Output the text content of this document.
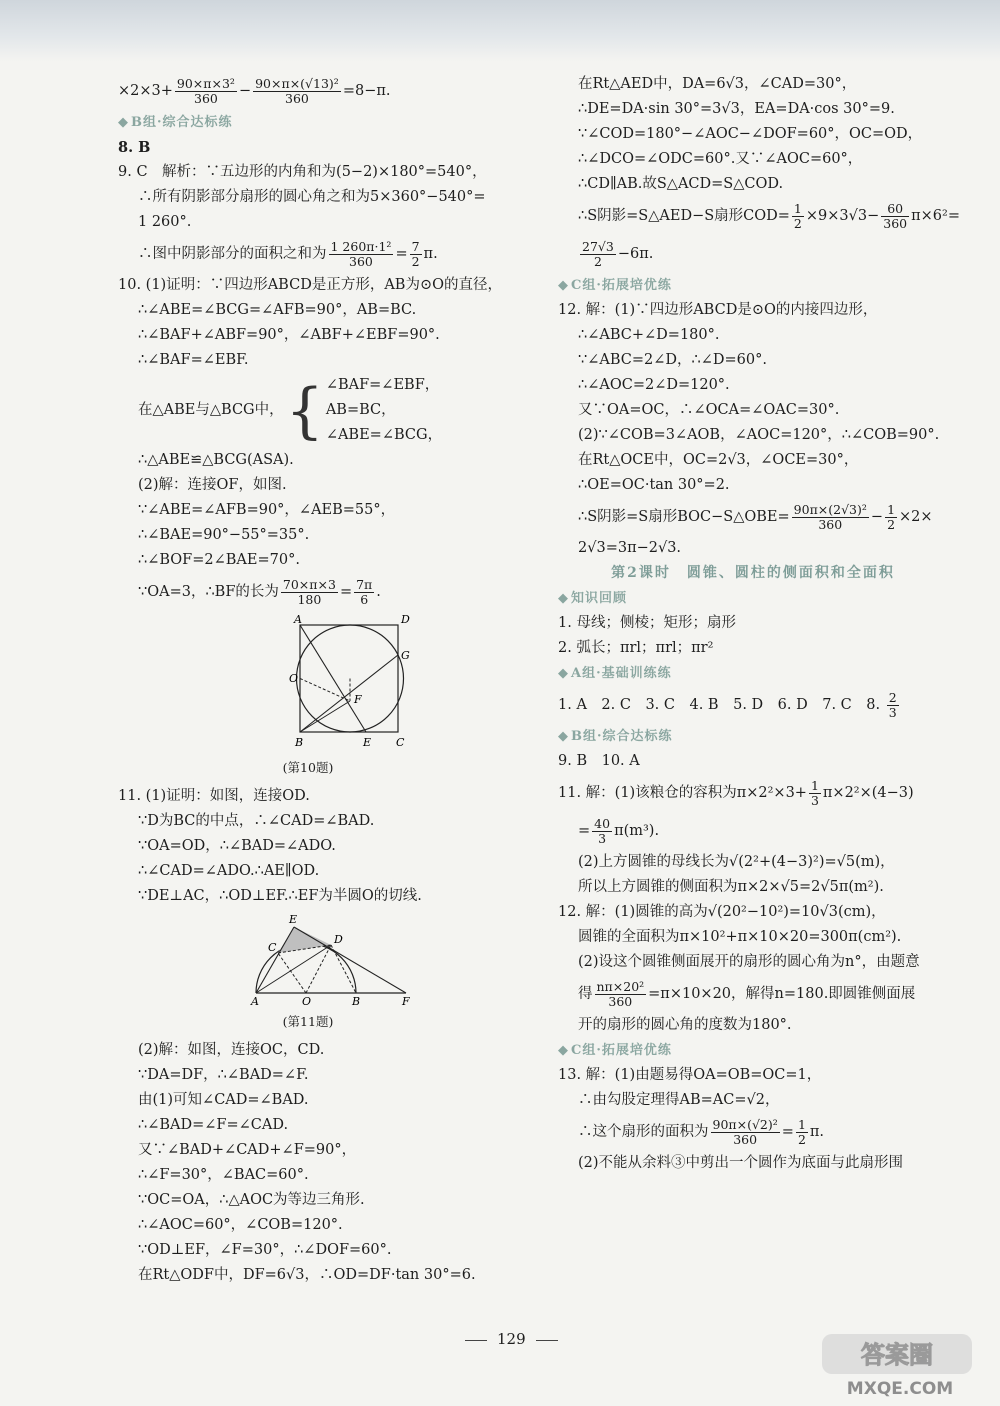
$\times 2\times 3+ \frac{\text{90×π×3²}}{360} - \frac{\text{90×π×(√13)²}}{360} =8-\pi$.
◆ B组·综合达标练
8. B
9. C　解析：∵五边形的内角和为(5−2)×180°=540°，
∴所有阴影部分扇形的圆心角之和为5×360°−540°=
1 260°.
∴图中阴影部分的面积之和为 $\frac{\text{1 260π·1²}}{360} = \frac{7}{2} \pi$.
10. (1)证明：∵四边形ABCD是正方形，AB为⊙O的直径，
∴∠ABE=∠BCG=∠AFB=90°，AB=BC.
∴∠BAF+∠ABF=90°，∠ABF+∠EBF=90°.
∴∠BAF=∠EBF.
在△ABE与△BCG中， { ∠BAF=∠EBF，
AB=BC，
∠ABE=∠BCG，
∴△ABE≌△BCG(ASA).
(2)解：连接OF，如图.
∵∠ABE=∠AFB=90°，∠AEB=55°，
∴∠BAE=90°−55°=35°.
∴∠BOF=2∠BAE=70°.
∵OA=3，∴BF的长为 $\frac{70\times\pi\times 3}{180} = \frac{7\pi}{6}$ .
A	D
G
O
F
B	E C
(第10题)
11. (1)证明：如图，连接OD.
∵D为BC的中点，∴∠CAD=∠BAD.
∵OA=OD，∴∠BAD=∠ADO.
∴∠CAD=∠ADO.∴AE∥OD.
∵DE⊥AC，∴OD⊥EF.∴EF为半圆O的切线.
E
C
D
A	O	B	F
(第11题)
(2)解：如图，连接OC，CD.
∵DA=DF，∴∠BAD=∠F.
由(1)可知∠CAD=∠BAD.
∴∠BAD=∠F=∠CAD.
又∵∠BAD+∠CAD+∠F=90°，
∴∠F=30°，∠BAC=60°.
∵OC=OA，∴△AOC为等边三角形.
∴∠AOC=60°，∠COB=120°.
∵OD⊥EF，∠F=30°，∴∠DOF=60°.
在Rt△ODF中，DF=6√3，∴OD=DF·tan 30°=6.
在Rt△AED中，DA=6√3，∠CAD=30°，
∴DE=DA·sin 30°=3√3，EA=DA·cos 30°=9.
∵∠COD=180°−∠AOC−∠DOF=60°，OC=OD，
∴∠DCO=∠ODC=60°.又∵∠AOC=60°，
∴CD∥AB.故S△ACD=S△COD.
∴S阴影=S△AED−S扇形$COD= \frac{1}{2} \times 9\times 3√3- \frac{60}{360} \pi\times 6^2=$
$\frac{27√3}{2} -6\pi$.
◆ C组·拓展培优练
12. 解：(1)∵四边形ABCD是⊙O的内接四边形，
∴∠ABC+∠D=180°.
∵∠ABC=2∠D，∴∠D=60°.
∴∠AOC=2∠D=120°.
又∵OA=OC，∴∠OCA=∠OAC=30°.
(2)∵∠COB=3∠AOB，∠AOC=120°，∴∠COB=90°.
在Rt△OCE中，OC=2√3，∠OCE=30°，
∴OE=OC·tan 30°=2.
∴S阴影=S扇形BOC−S△OBE= $\frac{\text{90π×(2√3)²}}{360} - \frac{1}{2} \times 2\times$
2√3=3π−2√3.
第2课时　圆锥、圆柱的侧面积和全面积
◆ 知识回顾
1. 母线；侧棱；矩形；扇形
2. 弧长；πrl；πrl；πr²
◆ A组·基础训练练
1. A　2. C　3. C　4. B　5. D　6. D　7. C　8. $\frac{2}{3}$
◆ B组·综合达标练
9. B　10. A
11. 解：(1)该粮仓的容积为$\pi\times 2^2\times 3+ \frac{1}{3} \pi\times 2^2\times(4-3)$
= $\frac{40}{3} \pi(m^3)$.
(2)上方圆锥的母线长为√(2²+(4−3)²)=√5(m)，
所以上方圆锥的侧面积为π×2×√5=2√5π(m²).
12. 解：(1)圆锥的高为√(20²−10²)=10√3(cm)，
圆锥的全面积为π×10²+π×10×20=300π(cm²).
(2)设这个圆锥侧面展开的扇形的圆心角为n°，由题意
得 $\frac{\text{nπ×20²}}{360} =\pi\times 10\times 20$，解得n=180.即圆锥侧面展
开的扇形的圆心角的度数为180°.
◆ C组·拓展培优练
13. 解：(1)由题易得OA=OB=OC=1，
∴由勾股定理得AB=AC=√2，
∴这个扇形的面积为 $\frac{\text{90π×(√2)²}}{360} = \frac{1}{2} \pi$.
(2)不能从余料③中剪出一个圆作为底面与此扇形围
129
答案圈
MXQE.COM
